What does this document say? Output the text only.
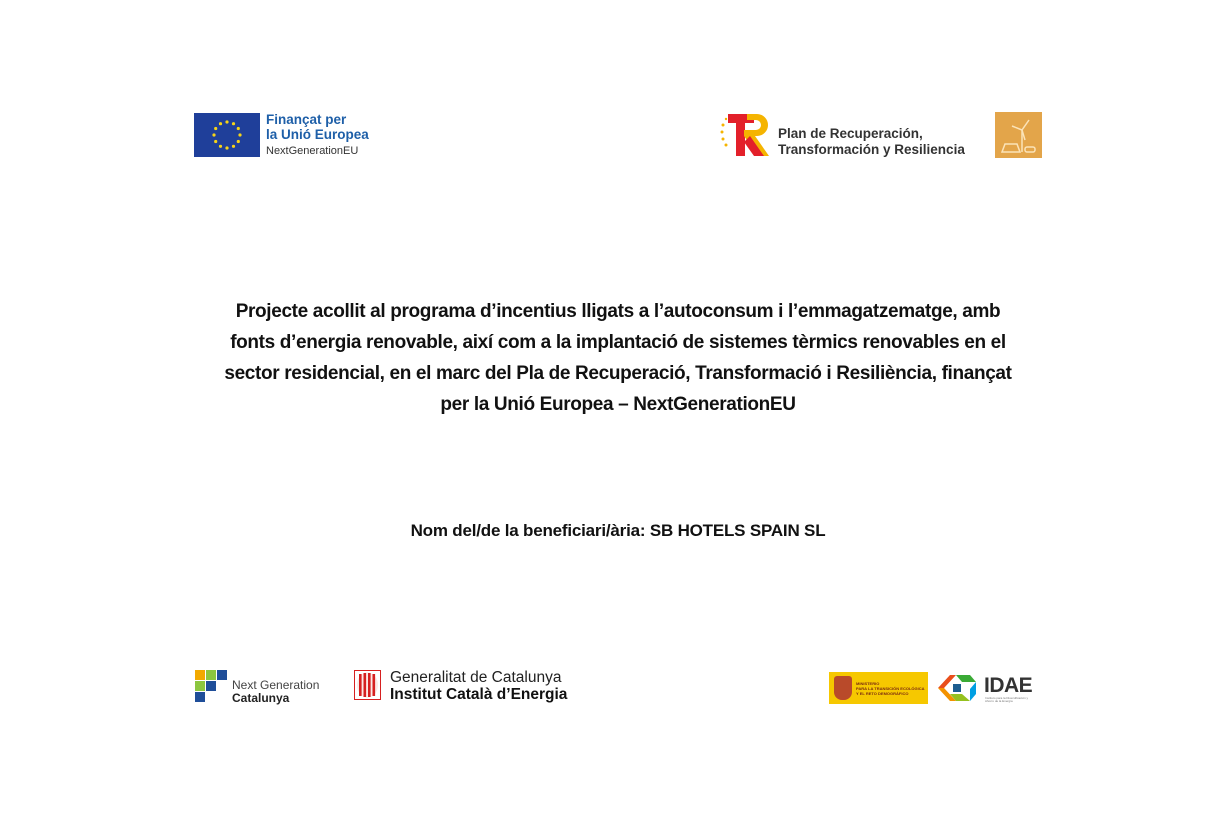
Finançat per
la Unió Europea
NextGenerationEU
Plan de Recuperación,
Transformación y Resiliencia
Projecte acollit al programa d’incentius lligats a l’autoconsum i l’emmagatzematge, amb
fonts d’energia renovable, així com a la implantació de sistemes tèrmics renovables en el
sector residencial, en el marc del Pla de Recuperació, Transformació i Resiliència, finançat
per la Unió Europea – NextGenerationEU
Nom del/de la beneficiari/ària: SB HOTELS SPAIN SL
Next Generation
Catalunya
Generalitat de Catalunya
Institut Català d’Energia
MINISTERIO
PARA LA TRANSICIÓN ECOLÓGICA
Y EL RETO DEMOGRÁFICO	IDAE
Instituto para la Diversificación y Ahorro de la Energía
